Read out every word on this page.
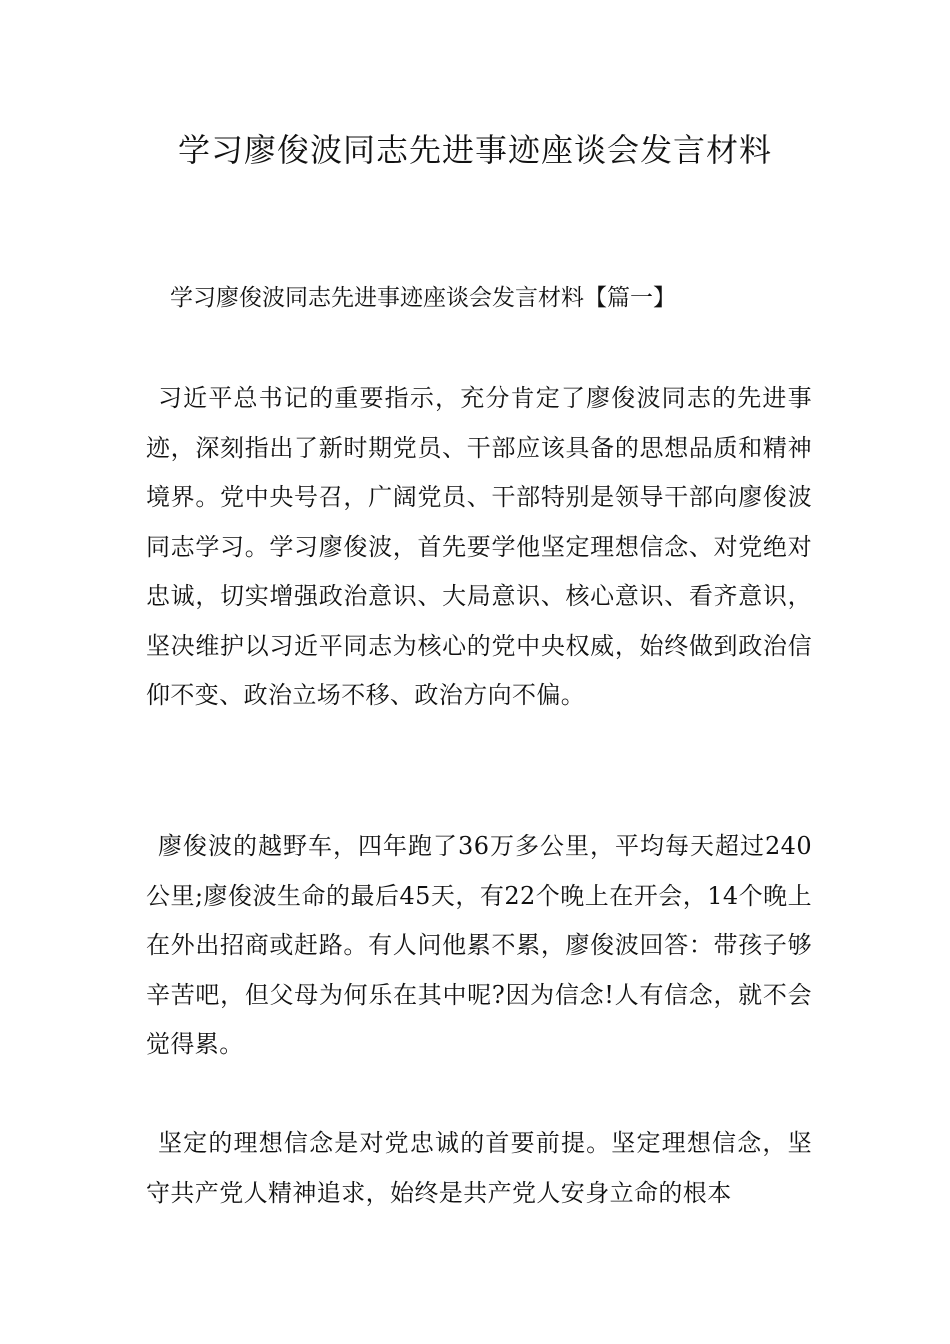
学习廖俊波同志先进事迹座谈会发言材料
学习廖俊波同志先进事迹座谈会发言材料【篇一】

习近平总书记的重要指示，充分肯定了廖俊波同志的先进事迹，深刻指出了新时期党员、干部应该具备的思想品质和精神境界。党中央号召，广阔党员、干部特别是领导干部向廖俊波同志学习。学习廖俊波，首先要学他坚定理想信念、对党绝对忠诚，切实增强政治意识、大局意识、核心意识、看齐意识，坚决维护以习近平同志为核心的党中央权威，始终做到政治信仰不变、政治立场不移、政治方向不偏。

廖俊波的越野车，四年跑了36万多公里，平均每天超过240公里;廖俊波生命的最后45天，有22个晚上在开会，14个晚上在外出招商或赶路。有人问他累不累，廖俊波回答：带孩子够辛苦吧，但父母为何乐在其中呢?因为信念!人有信念，就不会觉得累。

坚定的理想信念是对党忠诚的首要前提。坚定理想信念，坚守共产党人精神追求，始终是共产党人安身立命的根本
